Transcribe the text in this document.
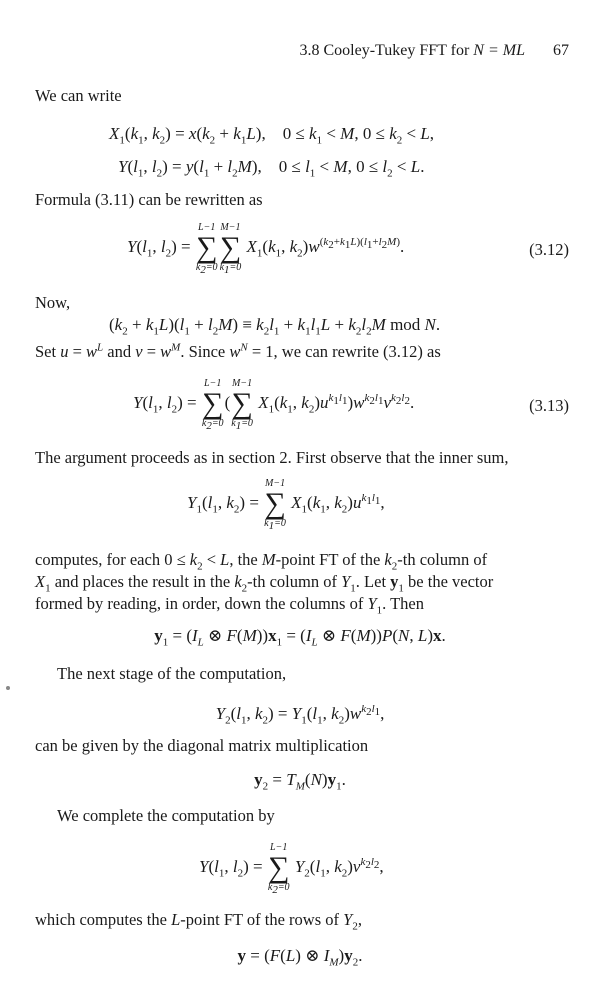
3.8 Cooley-Tukey FFT for N = ML 67
We can write
$X_1(k_1$, $k_2) = x(k_2 + k_1L)$,    $0 \le k_1 < M$, $0 \le k_2 < L$,
$Y(l_1$, $l_2) = y(l_1 + l_2M)$,    $0 \le l_1 < M$, $0 \le l_2 < L$.
Formula (3.11) can be rewritten as
$Y(l_1$, $l_2$) =
L−1
∑
$k_2=0$
M−1
∑
$k_1=0$
$X_1(k_1$, $k_2)w^{(k_2+k_1L)(l_1+l_2M)}$.	(3.12)
Now,
$(k_2 + k_1L)(l_1 + l_2M) \equiv k_2l_1 + k_1l_1L + k_2l_2M$ mod N.
Set $u = w^L$ and $v = w^M$. Since $w^N = 1$, we can rewrite (3.12) as
$Y(l_1$, $l_2$) =
L−1
∑
$k_2=0$
(
M−1
∑
$k_1=0$
$X_1(k_1$, $k_2)u^{k_1l_1})w^{k_2l_1}v^{k_2l_2}$.	(3.13)
The argument proceeds as in section 2. First observe that the inner sum,
$Y_1(l_1$, $k_2$) =
M−1
∑
$k_1=0$
$X_1(k_1$, $k_2)u^{k_1l_1}$,
computes, for each $0 \le k_2 < L$, the M-point FT of the $k_2-th$ column of
$X_1$ and places the result in the $k_2-th$ column of $Y_1$. Let $y_1$ be the vector
formed by reading, in order, down the columns of $Y_1$. Then
$y_1 = (I_L$ ⊗ $F(M))x_1 = (I_L$ ⊗ F(M))P(N, L)x.
The next stage of the computation,
$Y_2(l_1$, $k_2) = Y_1(l_1$, $k_2)w^{k_2l_1}$,
can be given by the diagonal matrix multiplication
$y_2 = T_M(N)y_1$.
We complete the computation by
$Y(l_1$, $l_2$) =
L−1
∑
$k_2=0$
$Y_2(l_1$, $k_2)v^{k_2l_2}$,
which computes the L-point FT of the rows of $Y_2$,
y = (F(L) ⊗ $I_M)y_2$.
